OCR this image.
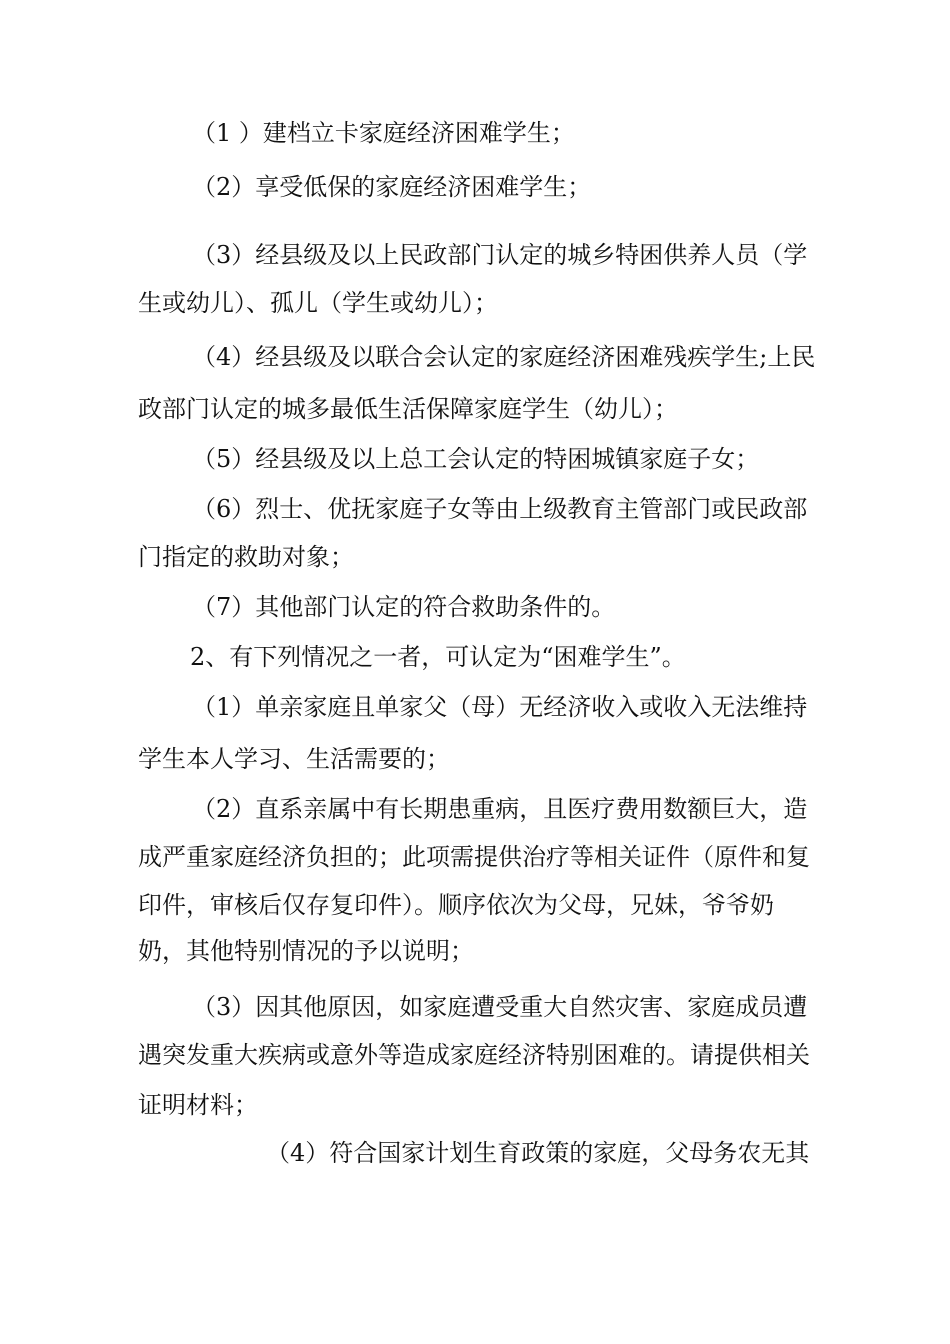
（1 ）建档立卡家庭经济困难学生；
（2）享受低保的家庭经济困难学生；
（3）经县级及以上民政部门认定的城乡特困供养人员（学
生或幼儿）、孤儿（学生或幼儿）；
（4）经县级及以联合会认定的家庭经济困难残疾学生;上民
政部门认定的城多最低生活保障家庭学生（幼儿）；
（5）经县级及以上总工会认定的特困城镇家庭子女；
（6）烈士、优抚家庭子女等由上级教育主管部门或民政部
门指定的救助对象；
（7）其他部门认定的符合救助条件的。
2、有下列情况之一者，可认定为“困难学生”。
（1）单亲家庭且单家父（母）无经济收入或收入无法维持
学生本人学习、生活需要的；
（2）直系亲属中有长期患重病，且医疗费用数额巨大，造
成严重家庭经济负担的；此项需提供治疗等相关证件（原件和复
印件，审核后仅存复印件）。顺序依次为父母，兄妹，爷爷奶
奶，其他特别情况的予以说明；
（3）因其他原因，如家庭遭受重大自然灾害、家庭成员遭
遇突发重大疾病或意外等造成家庭经济特别困难的。请提供相关
证明材料；
（4）符合国家计划生育政策的家庭，父母务农无其
